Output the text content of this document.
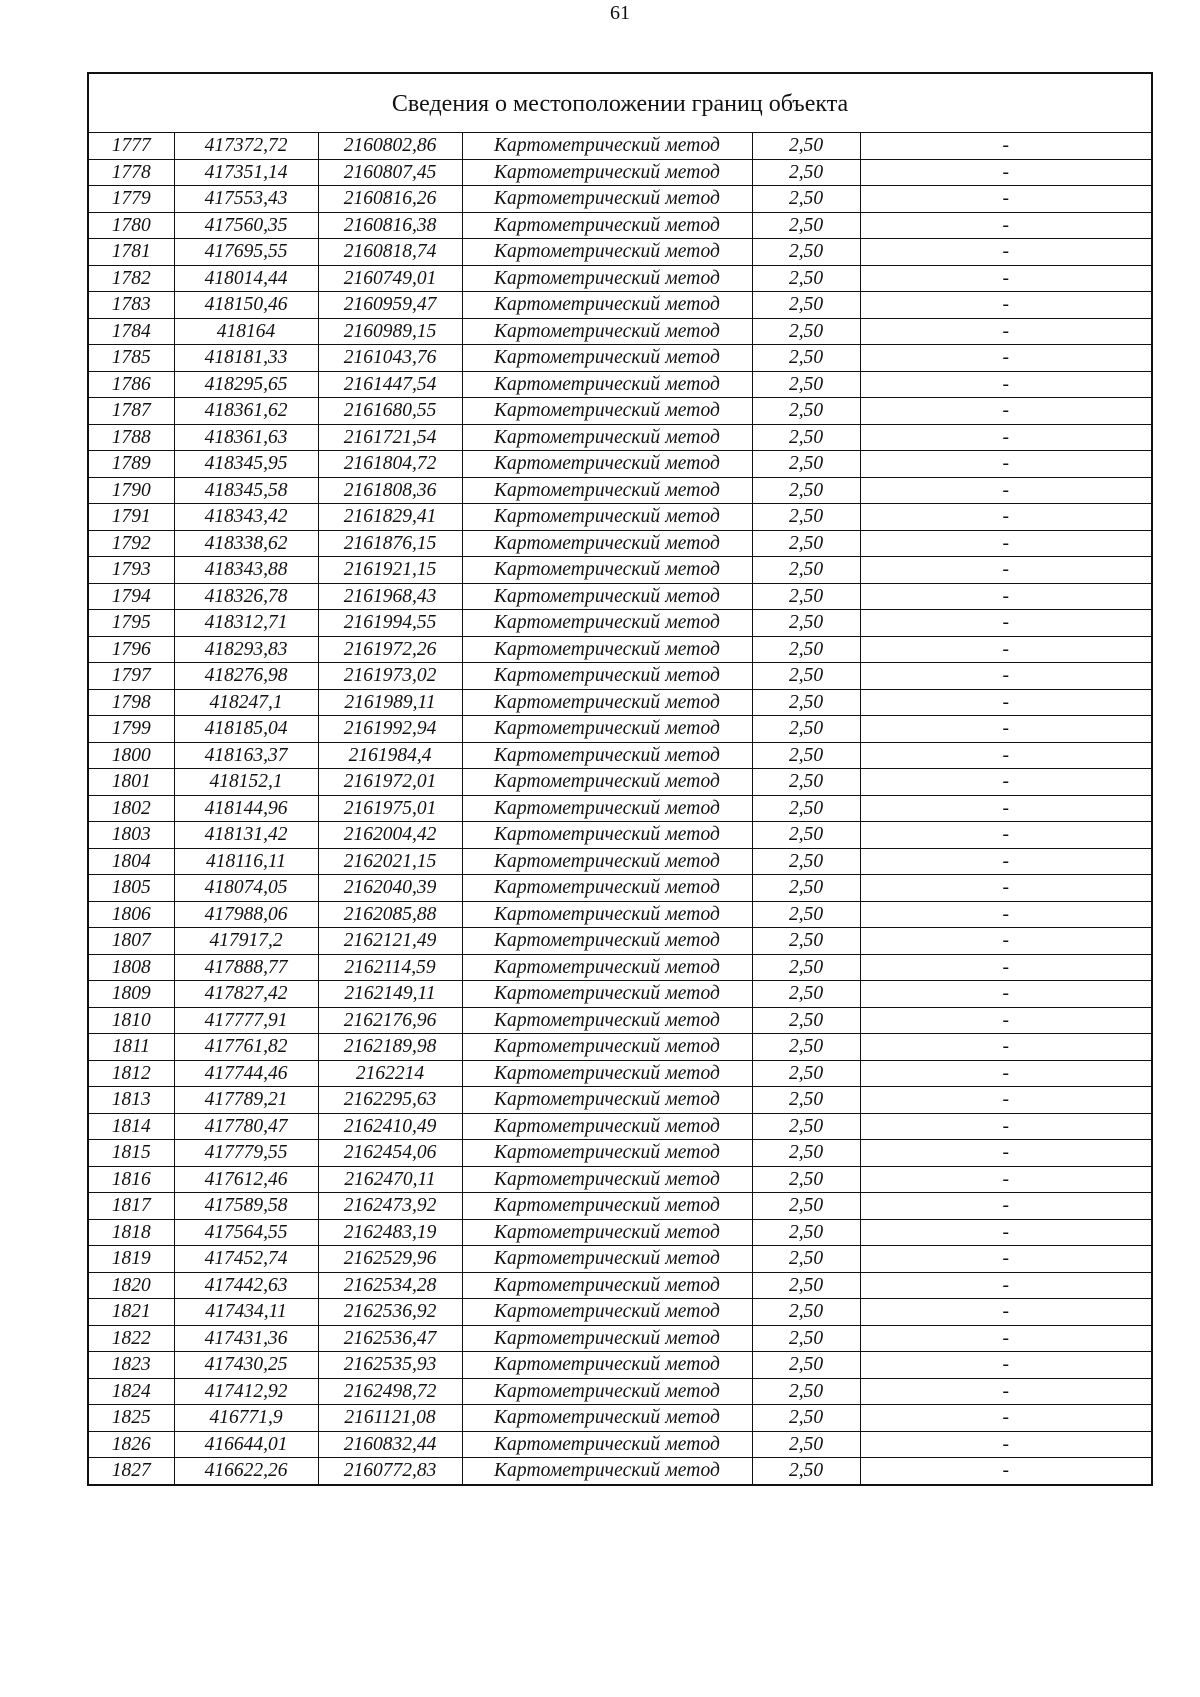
61
Сведения о местоположении границ объекта					
1777	417372,72	2160802,86	Картометрический метод	2,50	-
1778	417351,14	2160807,45	Картометрический метод	2,50	-
1779	417553,43	2160816,26	Картометрический метод	2,50	-
1780	417560,35	2160816,38	Картометрический метод	2,50	-
1781	417695,55	2160818,74	Картометрический метод	2,50	-
1782	418014,44	2160749,01	Картометрический метод	2,50	-
1783	418150,46	2160959,47	Картометрический метод	2,50	-
1784	418164	2160989,15	Картометрический метод	2,50	-
1785	418181,33	2161043,76	Картометрический метод	2,50	-
1786	418295,65	2161447,54	Картометрический метод	2,50	-
1787	418361,62	2161680,55	Картометрический метод	2,50	-
1788	418361,63	2161721,54	Картометрический метод	2,50	-
1789	418345,95	2161804,72	Картометрический метод	2,50	-
1790	418345,58	2161808,36	Картометрический метод	2,50	-
1791	418343,42	2161829,41	Картометрический метод	2,50	-
1792	418338,62	2161876,15	Картометрический метод	2,50	-
1793	418343,88	2161921,15	Картометрический метод	2,50	-
1794	418326,78	2161968,43	Картометрический метод	2,50	-
1795	418312,71	2161994,55	Картометрический метод	2,50	-
1796	418293,83	2161972,26	Картометрический метод	2,50	-
1797	418276,98	2161973,02	Картометрический метод	2,50	-
1798	418247,1	2161989,11	Картометрический метод	2,50	-
1799	418185,04	2161992,94	Картометрический метод	2,50	-
1800	418163,37	2161984,4	Картометрический метод	2,50	-
1801	418152,1	2161972,01	Картометрический метод	2,50	-
1802	418144,96	2161975,01	Картометрический метод	2,50	-
1803	418131,42	2162004,42	Картометрический метод	2,50	-
1804	418116,11	2162021,15	Картометрический метод	2,50	-
1805	418074,05	2162040,39	Картометрический метод	2,50	-
1806	417988,06	2162085,88	Картометрический метод	2,50	-
1807	417917,2	2162121,49	Картометрический метод	2,50	-
1808	417888,77	2162114,59	Картометрический метод	2,50	-
1809	417827,42	2162149,11	Картометрический метод	2,50	-
1810	417777,91	2162176,96	Картометрический метод	2,50	-
1811	417761,82	2162189,98	Картометрический метод	2,50	-
1812	417744,46	2162214	Картометрический метод	2,50	-
1813	417789,21	2162295,63	Картометрический метод	2,50	-
1814	417780,47	2162410,49	Картометрический метод	2,50	-
1815	417779,55	2162454,06	Картометрический метод	2,50	-
1816	417612,46	2162470,11	Картометрический метод	2,50	-
1817	417589,58	2162473,92	Картометрический метод	2,50	-
1818	417564,55	2162483,19	Картометрический метод	2,50	-
1819	417452,74	2162529,96	Картометрический метод	2,50	-
1820	417442,63	2162534,28	Картометрический метод	2,50	-
1821	417434,11	2162536,92	Картометрический метод	2,50	-
1822	417431,36	2162536,47	Картометрический метод	2,50	-
1823	417430,25	2162535,93	Картометрический метод	2,50	-
1824	417412,92	2162498,72	Картометрический метод	2,50	-
1825	416771,9	2161121,08	Картометрический метод	2,50	-
1826	416644,01	2160832,44	Картометрический метод	2,50	-
1827	416622,26	2160772,83	Картометрический метод	2,50	-
